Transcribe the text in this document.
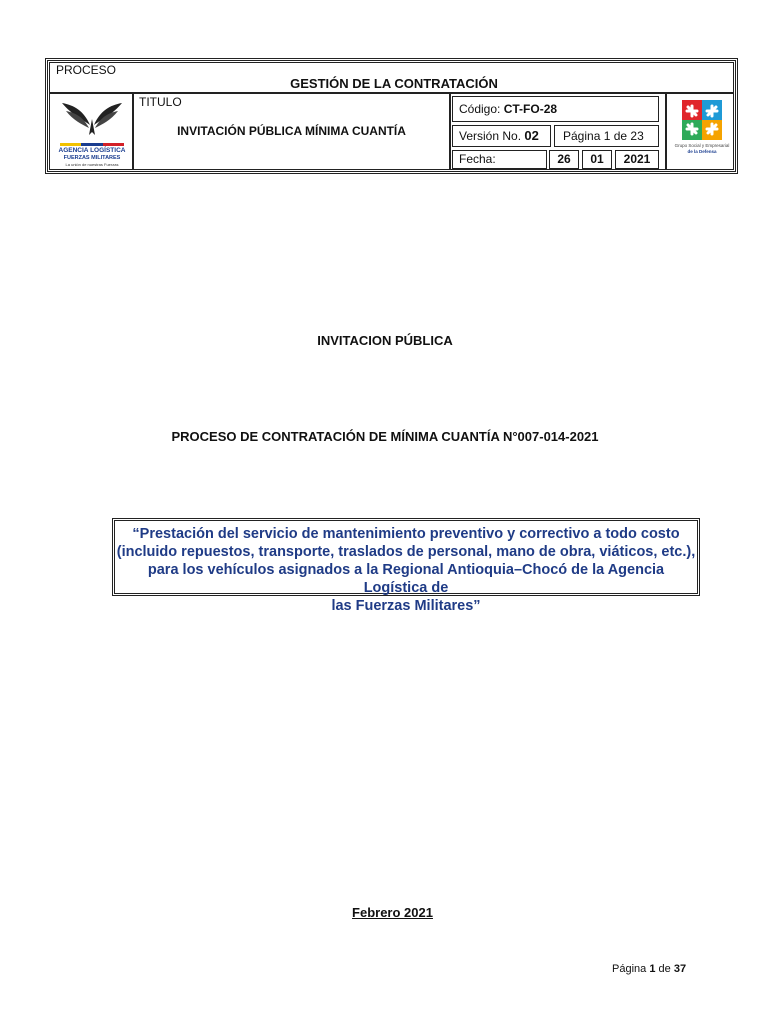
PROCESO
GESTIÓN DE LA CONTRATACIÓN
AGENCIA LOGÍSTICA
FUERZAS MILITARES
La unión de nuestras Fuerzas
TITULO
INVITACIÓN PÚBLICA MÍNIMA CUANTÍA
Código: CT-FO-28
Versión No. 02 Página 1 de 23
Fecha:	26	01	2021
Grupo Social y Empresarial
de la Defensa
INVITACION PÚBLICA
PROCESO DE CONTRATACIÓN DE MÍNIMA CUANTÍA N°007-014-2021
“Prestación del servicio de mantenimiento preventivo y correctivo a todo costo
(incluido repuestos, transporte, traslados de personal, mano de obra, viáticos, etc.),
para los vehículos asignados a la Regional Antioquia–Chocó de la Agencia Logística de
las Fuerzas Militares”
Febrero 2021
Página 1 de 37
